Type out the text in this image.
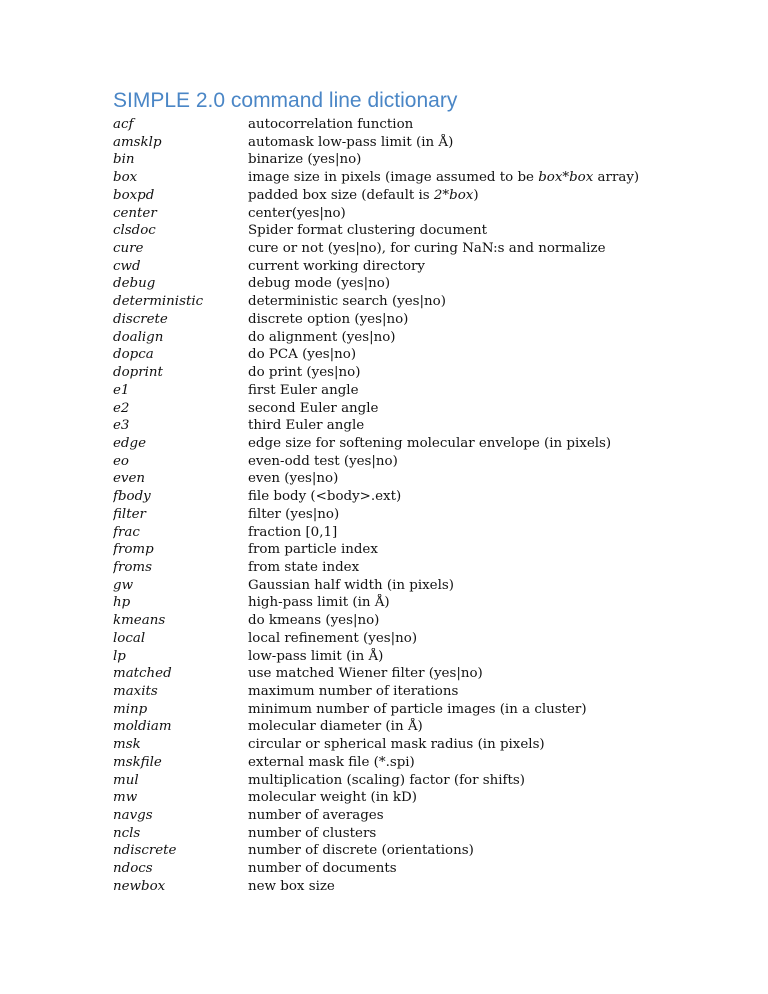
SIMPLE 2.0 command line dictionary
acf	autocorrelation function
amsklp	automask low-pass limit (in Å)
bin	binarize (yes|no)
box	image size in pixels (image assumed to be box*box array)
boxpd	padded box size (default is 2*box)
center	center(yes|no)
clsdoc	Spider format clustering document
cure	cure or not (yes|no), for curing NaN:s and normalize
cwd	current working directory
debug	debug mode (yes|no)
deterministic	deterministic search (yes|no)
discrete	discrete option (yes|no)
doalign	do alignment (yes|no)
dopca	do PCA (yes|no)
doprint	do print (yes|no)
e1	first Euler angle
e2	second Euler angle
e3	third Euler angle
edge	edge size for softening molecular envelope (in pixels)
eo	even-odd test (yes|no)
even	even (yes|no)
fbody	file body (<body>.ext)
filter	filter (yes|no)
frac	fraction [0,1]
fromp	from particle index
froms	from state index
gw	Gaussian half width (in pixels)
hp	high-pass limit (in Å)
kmeans	do kmeans (yes|no)
local	local refinement (yes|no)
lp	low-pass limit (in Å)
matched	use matched Wiener filter (yes|no)
maxits	maximum number of iterations
minp	minimum number of particle images (in a cluster)
moldiam	molecular diameter (in Å)
msk	circular or spherical mask radius (in pixels)
mskfile	external mask file (*.spi)
mul	multiplication (scaling) factor (for shifts)
mw	molecular weight (in kD)
navgs	number of averages
ncls	number of clusters
ndiscrete	number of discrete (orientations)
ndocs	number of documents
newbox	new box size
